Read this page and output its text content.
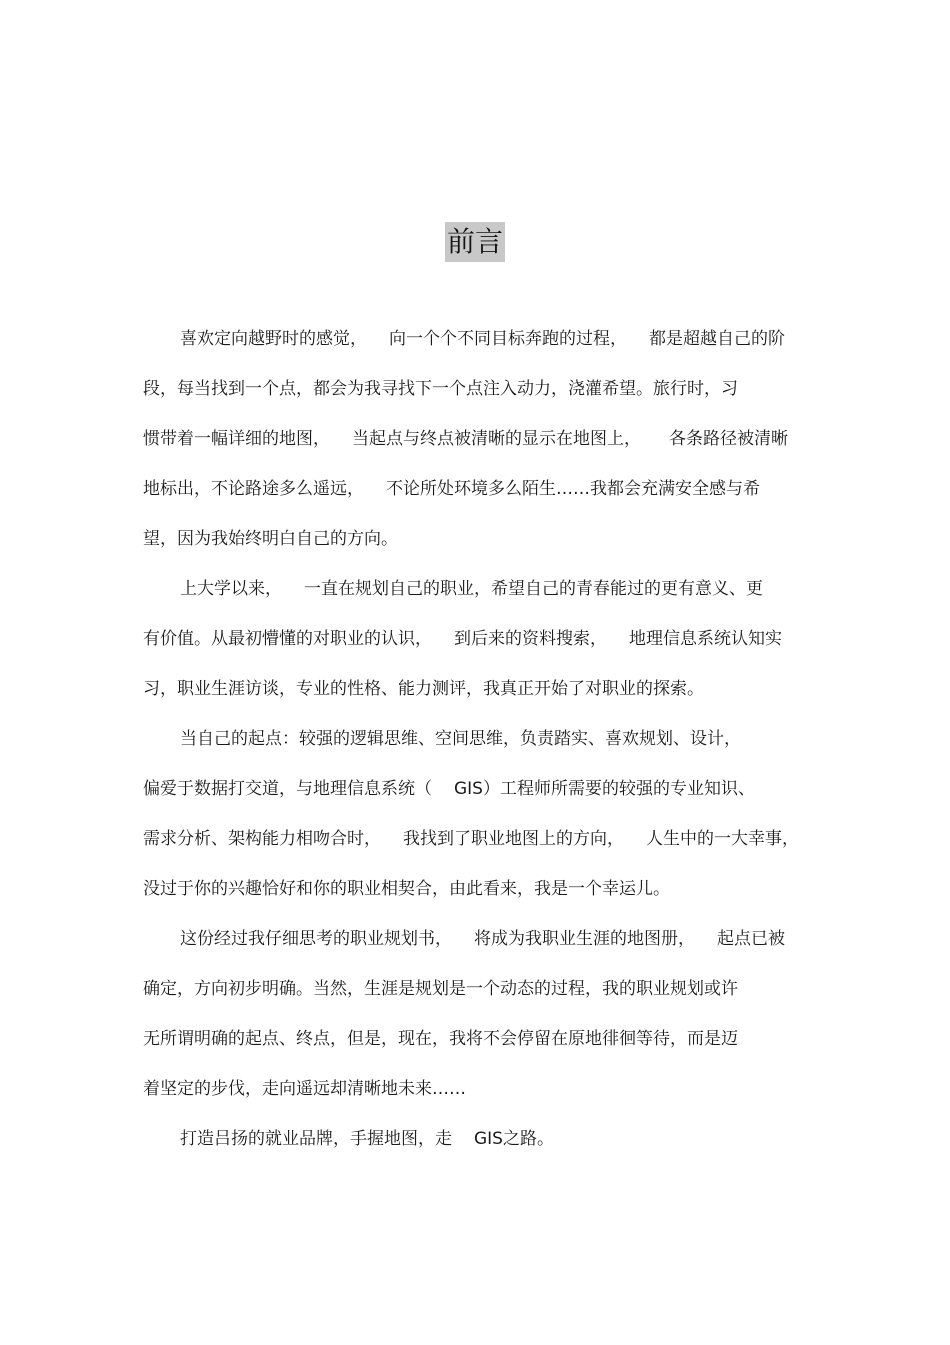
前言
喜欢定向越野时的感觉， 向一个个不同目标奔跑的过程， 都是超越自己的阶
段，每当找到一个点，都会为我寻找下一个点注入动力，浇灌希望。旅行时，习
惯带着一幅详细的地图， 当起点与终点被清晰的显示在地图上， 各条路径被清晰
地标出，不论路途多么遥远， 不论所处环境多么陌生……我都会充满安全感与希
望，因为我始终明白自己的方向。
上大学以来， 一直在规划自己的职业，希望自己的青春能过的更有意义、更
有价值。从最初懵懂的对职业的认识， 到后来的资料搜索， 地理信息系统认知实
习，职业生涯访谈，专业的性格、能力测评，我真正开始了对职业的探索。
当自己的起点：较强的逻辑思维、空间思维，负责踏实、喜欢规划、设计，
偏爱于数据打交道，与地理信息系统（ GIS）工程师所需要的较强的专业知识、
需求分析、架构能力相吻合时， 我找到了职业地图上的方向， 人生中的一大幸事，
没过于你的兴趣恰好和你的职业相契合，由此看来，我是一个幸运儿。
这份经过我仔细思考的职业规划书， 将成为我职业生涯的地图册， 起点已被
确定，方向初步明确。当然，生涯是规划是一个动态的过程，我的职业规划或许
无所谓明确的起点、终点，但是，现在，我将不会停留在原地徘徊等待，而是迈
着坚定的步伐，走向遥远却清晰地未来……
打造吕扬的就业品牌，手握地图，走 GIS之路。
